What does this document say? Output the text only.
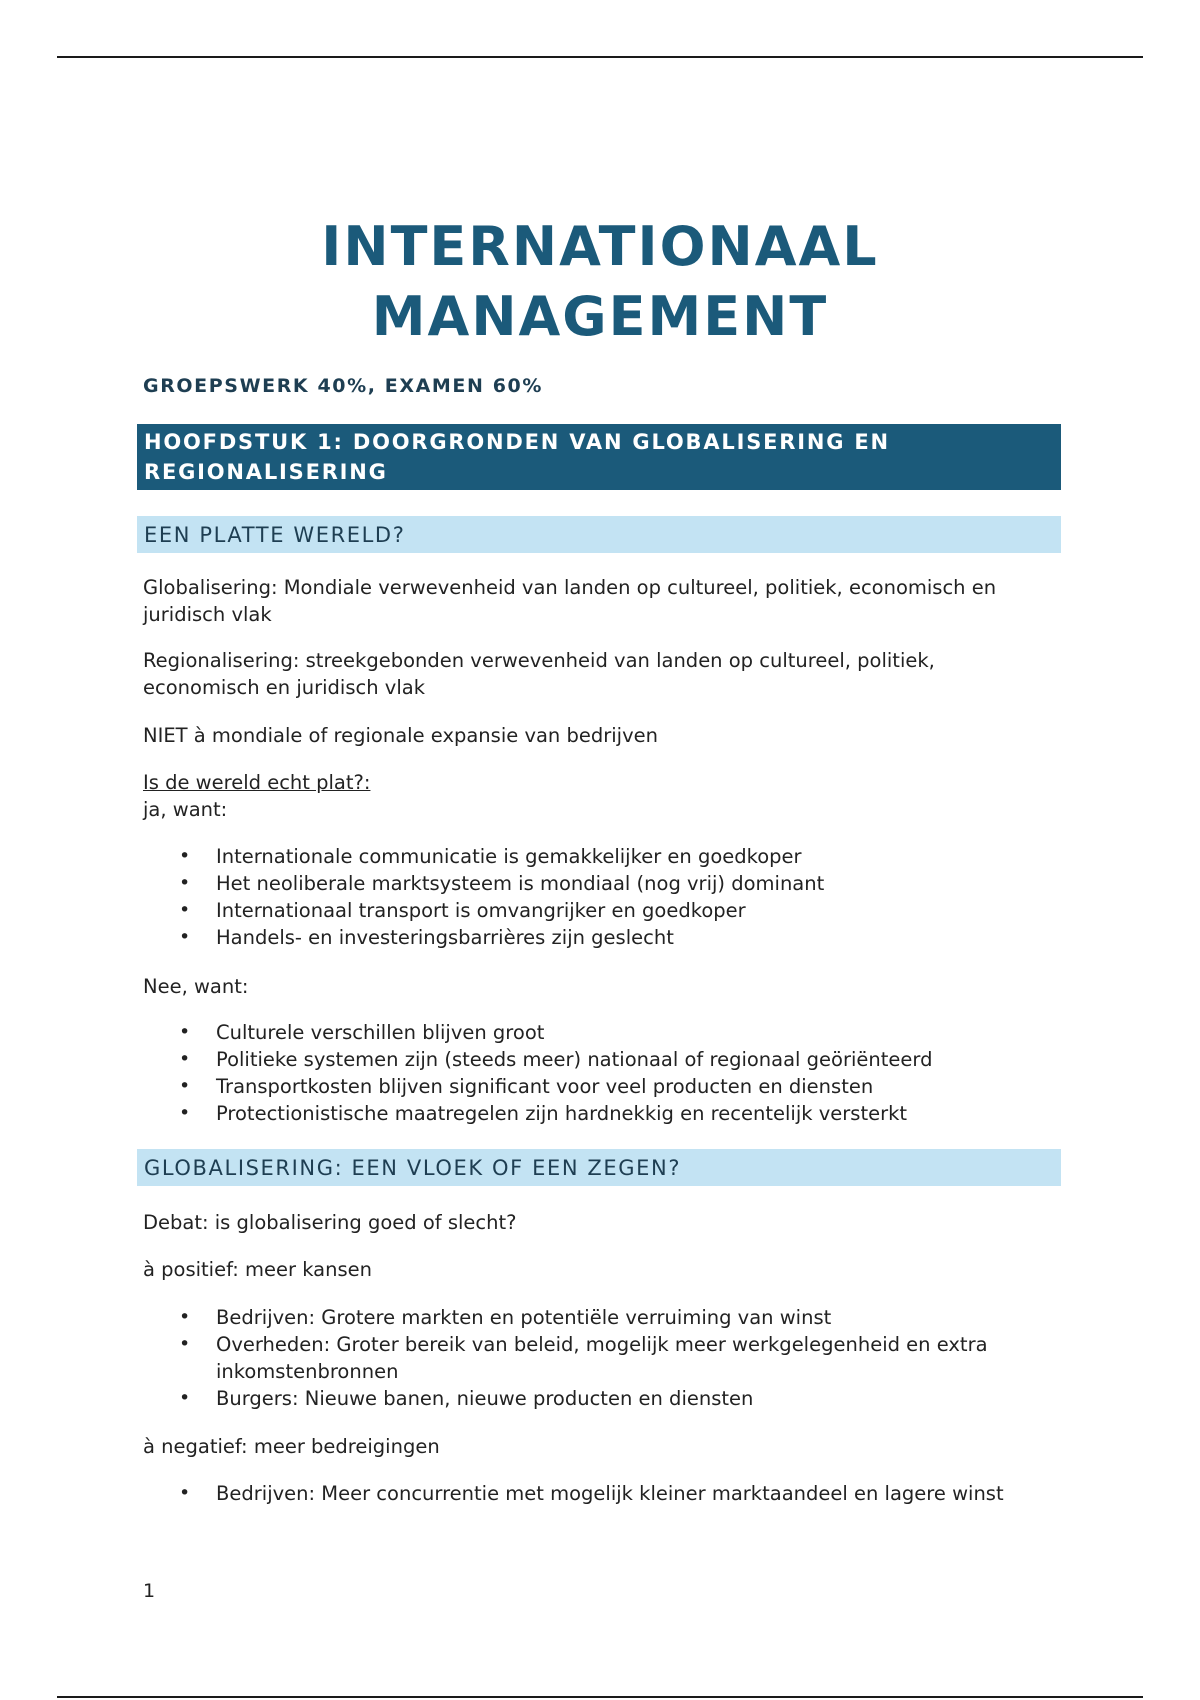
INTERNATIONAAL
MANAGEMENT
GROEPSWERK 40%, EXAMEN 60%
HOOFDSTUK 1: DOORGRONDEN VAN GLOBALISERING EN REGIONALISERING
EEN PLATTE WERELD?
Globalisering: Mondiale verwevenheid van landen op cultureel, politiek, economisch en juridisch vlak
Regionalisering: streekgebonden verwevenheid van landen op cultureel, politiek, economisch en juridisch vlak
NIET à mondiale of regionale expansie van bedrijven
Is de wereld echt plat?:
ja, want:
• Internationale communicatie is gemakkelijker en goedkoper
• Het neoliberale marktsysteem is mondiaal (nog vrij) dominant
• Internationaal transport is omvangrijker en goedkoper
• Handels- en investeringsbarrières zijn geslecht
Nee, want:
• Culturele verschillen blijven groot
• Politieke systemen zijn (steeds meer) nationaal of regionaal geöriënteerd
• Transportkosten blijven significant voor veel producten en diensten
• Protectionistische maatregelen zijn hardnekkig en recentelijk versterkt
GLOBALISERING: EEN VLOEK OF EEN ZEGEN?
Debat: is globalisering goed of slecht?
à positief: meer kansen
• Bedrijven: Grotere markten en potentiële verruiming van winst
• Overheden: Groter bereik van beleid, mogelijk meer werkgelegenheid en extra inkomstenbronnen
• Burgers: Nieuwe banen, nieuwe producten en diensten
à negatief: meer bedreigingen
• Bedrijven: Meer concurrentie met mogelijk kleiner marktaandeel en lagere winst
1
